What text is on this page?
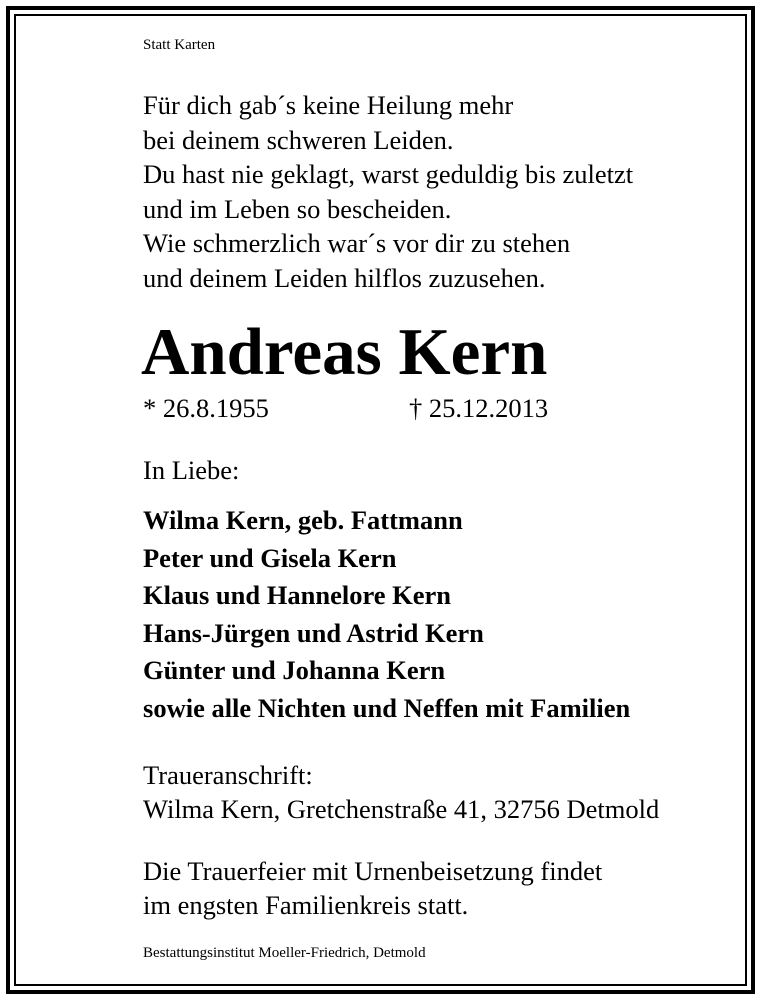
Statt Karten

Für dich gab´s keine Heilung mehr
bei deinem schweren Leiden.
Du hast nie geklagt, warst geduldig bis zuletzt
und im Leben so bescheiden.
Wie schmerzlich war´s vor dir zu stehen
und deinem Leiden hilflos zuzusehen.
Andreas Kern
* 26.8.1955	† 25.12.2013
In Liebe:
Wilma Kern, geb. Fattmann
Peter und Gisela Kern
Klaus und Hannelore Kern
Hans-Jürgen und Astrid Kern
Günter und Johanna Kern
sowie alle Nichten und Neffen mit Familien
Traueranschrift:
Wilma Kern, Gretchenstraße 41, 32756 Detmold
Die Trauerfeier mit Urnenbeisetzung findet
im engsten Familienkreis statt.
Bestattungsinstitut Moeller-Friedrich, Detmold
